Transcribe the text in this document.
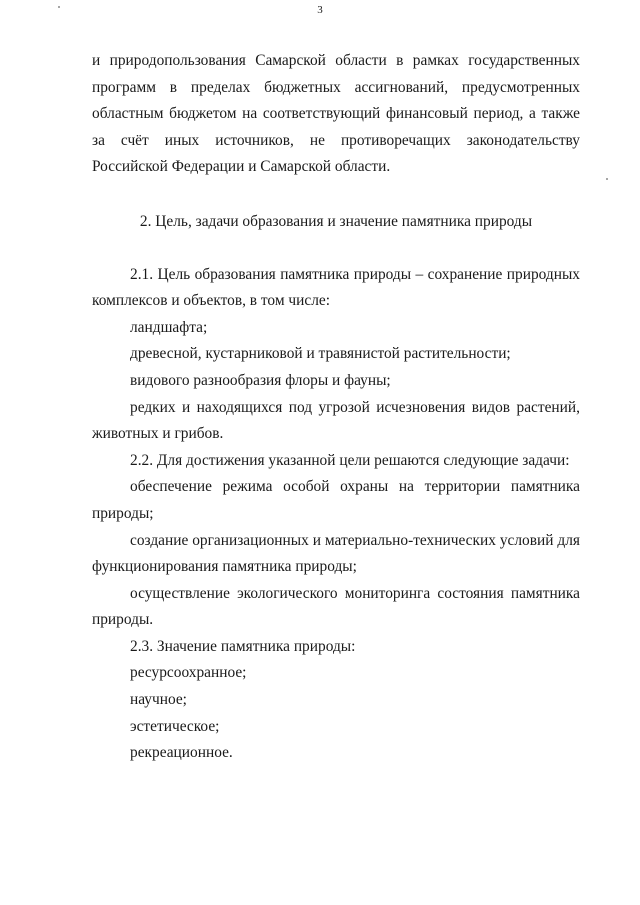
3

и природопользования Самарской области в рамках государственных программ в пределах бюджетных ассигнований, предусмотренных областным бюджетом на соответствующий финансовый период, а также за счёт иных источников, не противоречащих законодательству Российской Федерации и Самарской области.

2. Цель, задачи образования и значение памятника природы

2.1. Цель образования памятника природы – сохранение природных комплексов и объектов, в том числе:

ландшафта;

древесной, кустарниковой и травянистой растительности;

видового разнообразия флоры и фауны;

редких и находящихся под угрозой исчезновения видов растений, животных и грибов.

2.2. Для достижения указанной цели решаются следующие задачи:

обеспечение режима особой охраны на территории памятника природы;

создание организационных и материально-технических условий для функционирования памятника природы;

осуществление экологического мониторинга состояния памятника природы.

2.3. Значение памятника природы:

ресурсоохранное;

научное;

эстетическое;

рекреационное.
